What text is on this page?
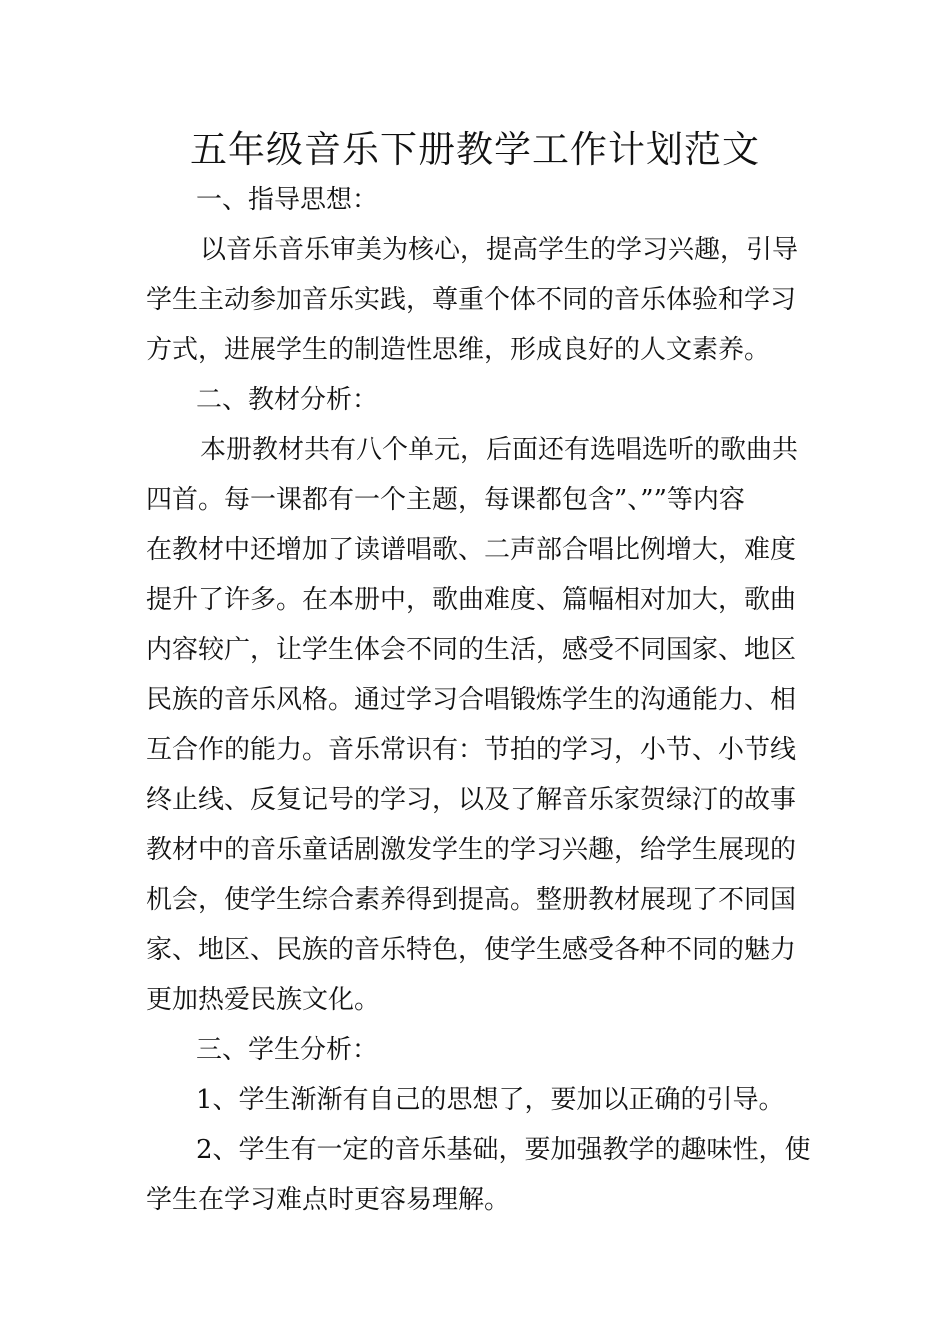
五年级音乐下册教学工作计划范文

一、指导思想：

以音乐音乐审美为核心，提高学生的学习兴趣，引导

学生主动参加音乐实践，尊重个体不同的音乐体验和学习

方式，进展学生的制造性思维，形成良好的人文素养。

二、教材分析：

本册教材共有八个单元，后面还有选唱选听的歌曲共

四首。每一课都有一个主题，每课都包含”、””等内容

在教材中还增加了读谱唱歌、二声部合唱比例增大，难度

提升了许多。在本册中，歌曲难度、篇幅相对加大，歌曲

内容较广，让学生体会不同的生活，感受不同国家、地区

民族的音乐风格。通过学习合唱锻炼学生的沟通能力、相

互合作的能力。音乐常识有：节拍的学习，小节、小节线

终止线、反复记号的学习，以及了解音乐家贺绿汀的故事

教材中的音乐童话剧激发学生的学习兴趣，给学生展现的

机会，使学生综合素养得到提高。整册教材展现了不同国

家、地区、民族的音乐特色，使学生感受各种不同的魅力

更加热爱民族文化。

三、学生分析：

1、学生渐渐有自己的思想了，要加以正确的引导。

2、学生有一定的音乐基础，要加强教学的趣味性，使

学生在学习难点时更容易理解。
